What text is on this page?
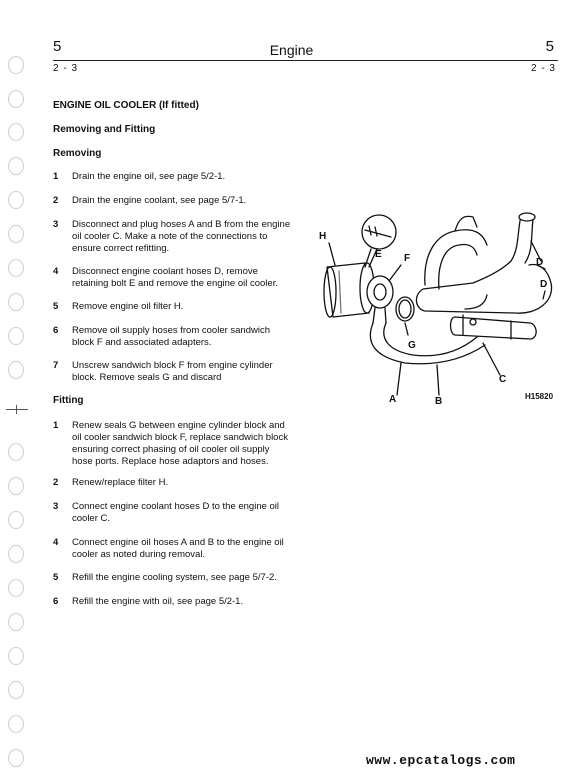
5	Engine	5
2 - 3	2 - 3
ENGINE OIL COOLER (If fitted)
Removing and Fitting
Removing
1 Drain the engine oil, see page 5/2-1.
2 Drain the engine coolant, see page 5/7-1.
3 Disconnect and plug hoses A and B from the engine
oil cooler C. Make a note of the connections to
ensure correct refitting.
4 Disconnect engine coolant hoses D, remove
retaining bolt E and remove the engine oil cooler.
5 Remove engine oil filter H.
6 Remove oil supply hoses from cooler sandwich
block F and associated adapters.
7 Unscrew sandwich block F from engine cylinder
block. Remove seals G and discard
Fitting
1 Renew seals G between engine cylinder block and
oil cooler sandwich block F, replace sandwich block
ensuring correct phasing of oil cooler oil supply
hose ports. Replace hose adaptors and hoses.
2 Renew/replace filter H.
3 Connect engine coolant hoses D to the engine oil
cooler C.
4 Connect engine oil hoses A and B to the engine oil
cooler as noted during removal.
5 Refill the engine cooling system, see page 5/7-2.
6 Refill the engine with oil, see page 5/2-1.
H
E F
G
D
D
C
A	B	H15820
www.epcatalogs.com
